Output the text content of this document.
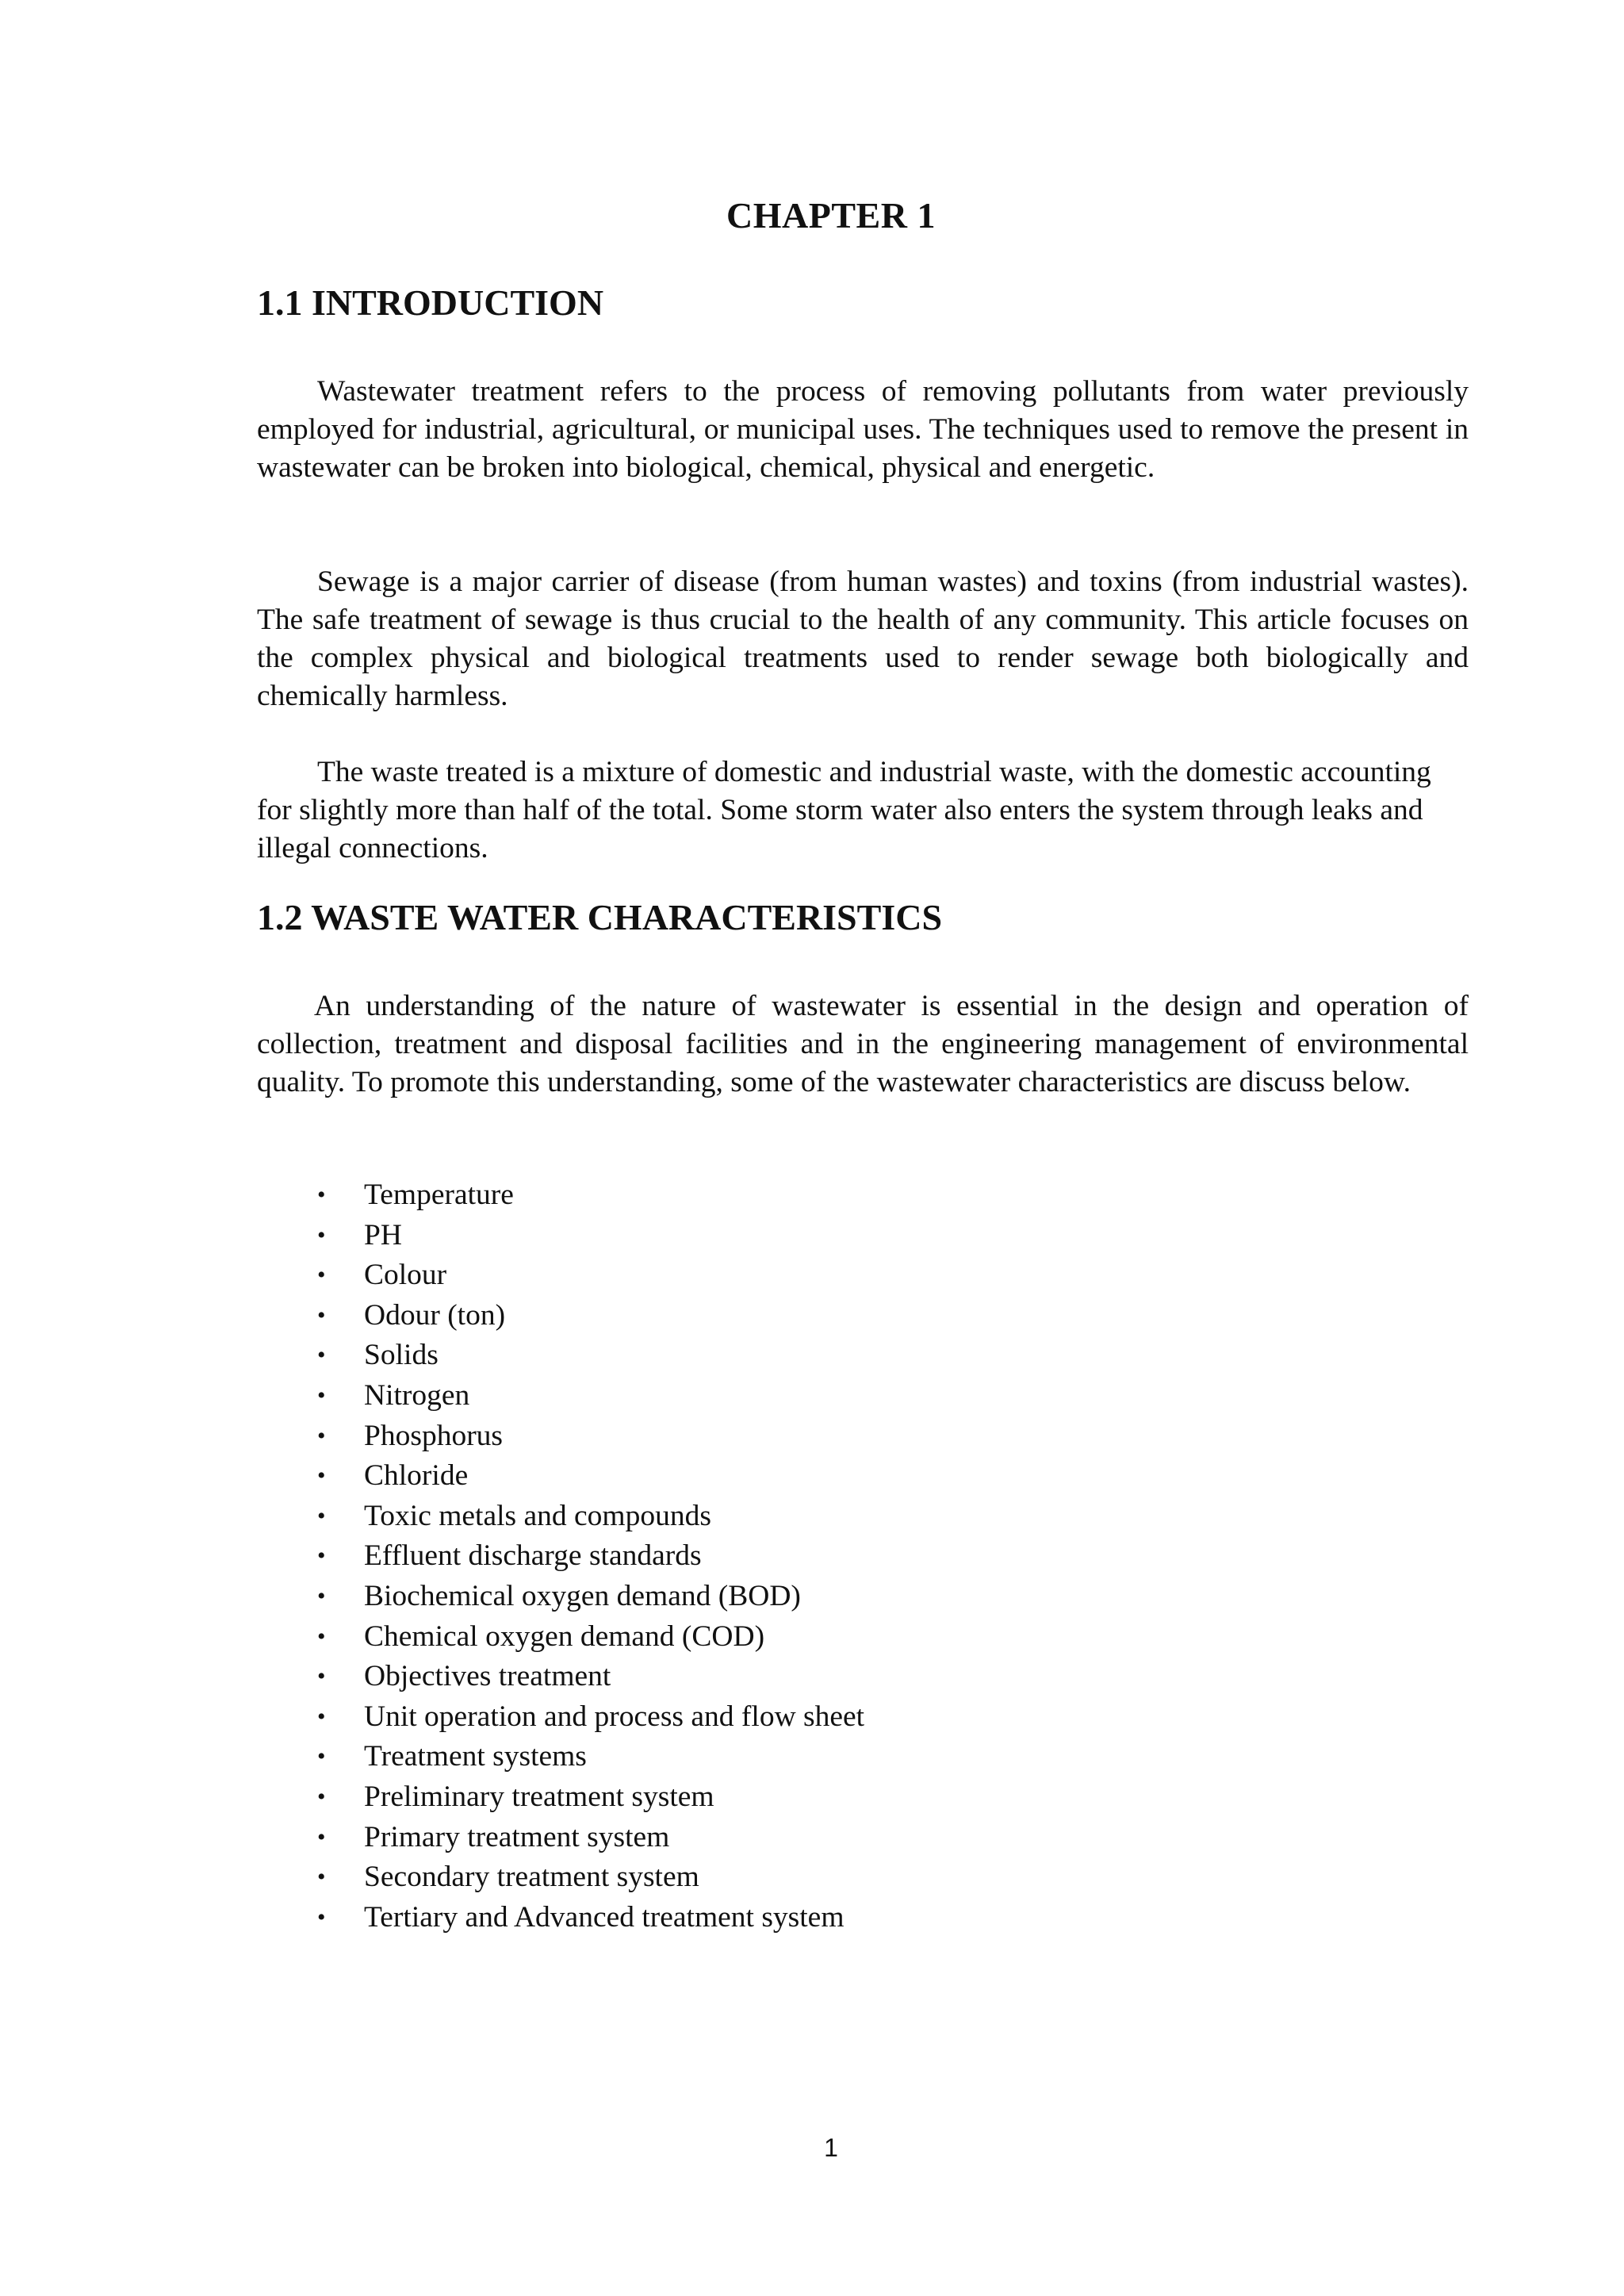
CHAPTER 1
1.1 INTRODUCTION

Wastewater treatment refers to the process of removing pollutants from water previously employed for industrial, agricultural, or municipal uses. The techniques used to remove the present in wastewater can be broken into biological, chemical, physical and energetic.

Sewage is a major carrier of disease (from human wastes) and toxins (from industrial wastes). The safe treatment of sewage is thus crucial to the health of any community. This article focuses on the complex physical and biological treatments used to render sewage both biologically and chemically harmless.

The waste treated is a mixture of domestic and industrial waste, with the domestic accounting for slightly more than half of the total. Some storm water also enters the system through leaks and illegal connections.

1.2 WASTE WATER CHARACTERISTICS

An understanding of the nature of wastewater is essential in the design and operation of collection, treatment and disposal facilities and in the engineering management of environmental quality. To promote this understanding, some of the wastewater characteristics are discuss below.

• Temperature
• PH
• Colour
• Odour (ton)
• Solids
• Nitrogen
• Phosphorus
• Chloride
• Toxic metals and compounds
• Effluent discharge standards
• Biochemical oxygen demand (BOD)
• Chemical oxygen demand (COD)
• Objectives treatment
• Unit operation and process and flow sheet
• Treatment systems
• Preliminary treatment system
• Primary treatment system
• Secondary treatment system
• Tertiary and Advanced treatment system
1
